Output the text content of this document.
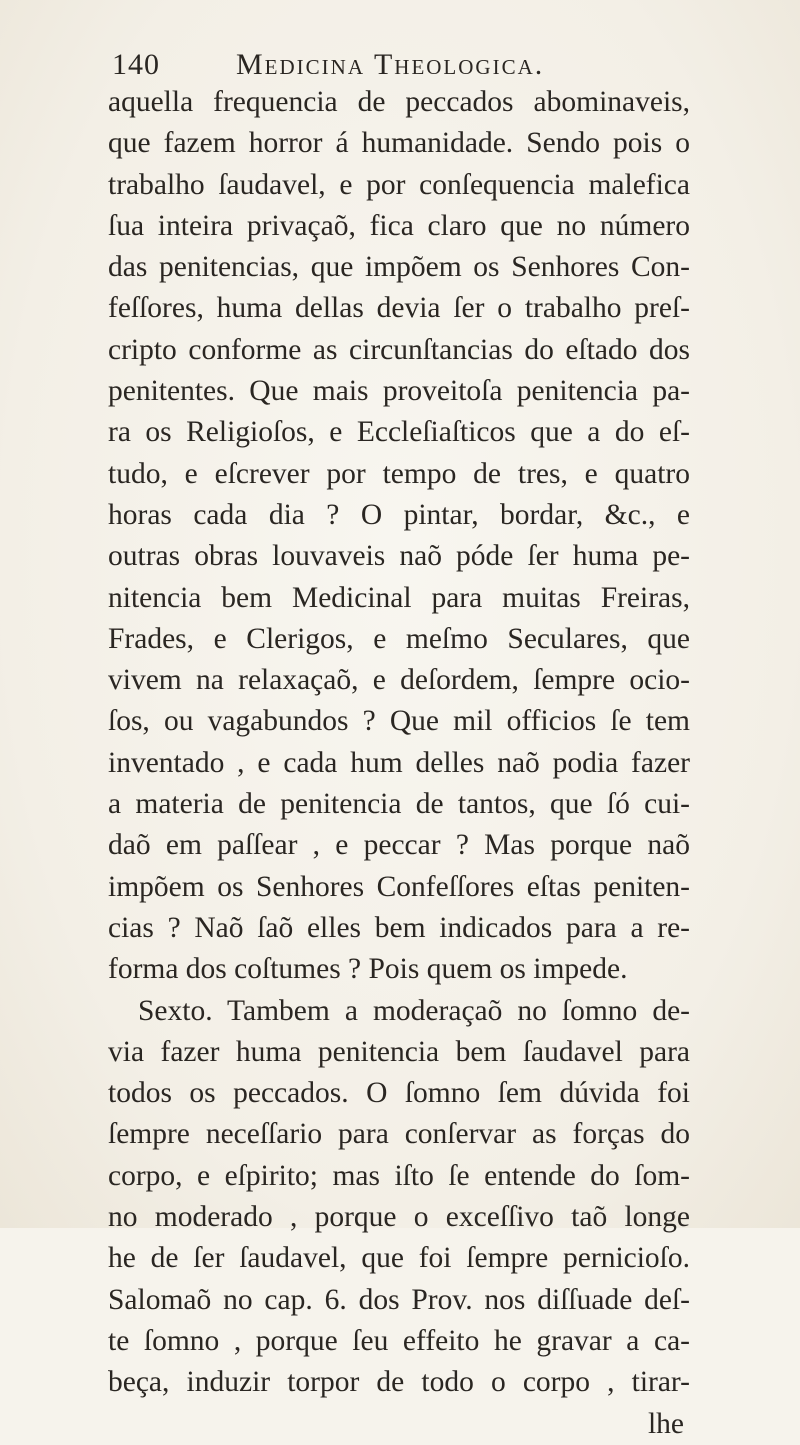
140	Medicina Theologica.
aquella frequencia de peccados abominaveis,
que fazem horror á humanidade. Sendo pois o
trabalho ſaudavel, e por conſequencia malefica
ſua inteira privaçaõ, fica claro que no número
das penitencias, que impõem os Senhores Con-
feſſores, huma dellas devia ſer o trabalho preſ-
cripto conforme as circunſtancias do eſtado dos
penitentes. Que mais proveitoſa penitencia pa-
ra os Religioſos, e Eccleſiaſticos que a do eſ-
tudo, e eſcrever por tempo de tres, e quatro
horas cada dia ? O pintar, bordar, &c., e
outras obras louvaveis naõ póde ſer huma pe-
nitencia bem Medicinal para muitas Freiras,
Frades, e Clerigos, e meſmo Seculares, que
vivem na relaxaçaõ, e deſordem, ſempre ocio-
ſos, ou vagabundos ? Que mil officios ſe tem
inventado , e cada hum delles naõ podia fazer
a materia de penitencia de tantos, que ſó cui-
daõ em paſſear , e peccar ? Mas porque naõ
impõem os Senhores Confeſſores eſtas peniten-
cias ? Naõ ſaõ elles bem indicados para a re-
forma dos coſtumes ? Pois quem os impede.
Sexto. Tambem a moderaçaõ no ſomno de-
via fazer huma penitencia bem ſaudavel para
todos os peccados. O ſomno ſem dúvida foi
ſempre neceſſario para conſervar as forças do
corpo, e eſpirito; mas iſto ſe entende do ſom-
no moderado , porque o exceſſivo taõ longe
he de ſer ſaudavel, que foi ſempre pernicioſo.
Salomaõ no cap. 6. dos Prov. nos diſſuade deſ-
te ſomno , porque ſeu effeito he gravar a ca-
beça, induzir torpor de todo o corpo , tirar-
lhe
